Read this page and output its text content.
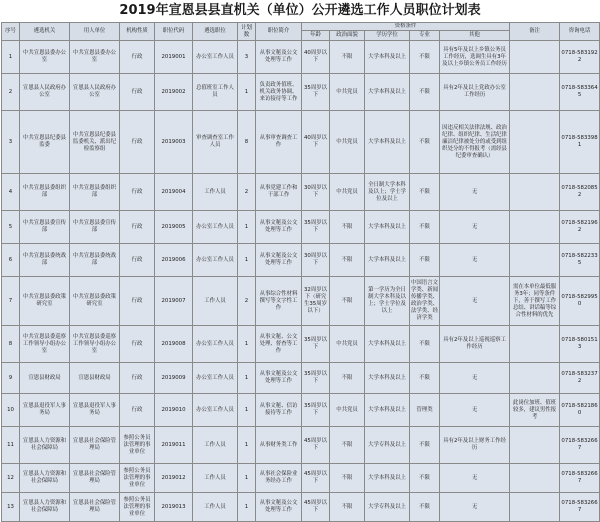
2019年宣恩县县直机关（单位）公开遴选工作人员职位计划表
序号	遴选机关	用人单位	机构性质	职位代码	遴选职位	计划数	职位简介	资格条件					备注	咨询电话
								年龄	政治面貌	学历学位	专业	其他		
1	中共宣恩县委办公室	中共宣恩县委办公室	行政	2019001	办公室工作人员	3	从事文秘及公文处理等工作	40周岁以下	不限	大学本科及以上	不限	具有5年及以上乡镇公务员工作经历，选调生具有3年及以上乡镇公务员工作经历		0718-5831922
2	宣恩县人民政府办公室	宣恩县人民政府办公室	行政	2019002	总值班室工作人员	1	负责政务值班、机关政务协调、来访接待等工作	35周岁以下	中共党员	大学本科及以上	不限	具有2年及以上党政办公室工作经历		0718-5833645
3	中共宣恩县纪委县监委	中共宣恩县纪委县监委机关、派出纪检监察组	行政	2019003	审查调查室工作人员	8	从事审查调查工作	40周岁以下	中共党员	大学本科及以上	不限	因违反相关法律法规、政治纪律、组织纪律、生活纪律廉洁纪律被处分的或受到组织处分的不得报考（需经县纪委审查确认）		0718-5833981
4	中共宣恩县委组织部	中共宣恩县委组织部	行政	2019004	工作人员	2	从事党建工作和干部工作	30周岁以下	中共党员	全日制大学本科及以上；学士学位及以上	不限	无		0718-5820852
5	中共宣恩县委宣传部	中共宣恩县委宣传部	行政	2019005	办公室工作人员	1	从事文秘及公文处理等工作	35周岁以下	不限	大学本科及以上	不限	无		0718-5821962
6	中共宣恩县委统战部	中共宣恩县委统战部	行政	2019006	办公室工作人员	1	从事文秘及公文处理等工作	30周岁以下	不限	大学本科及以上	不限	无		0718-5822335
7	中共宣恩县委政策研究室	中共宣恩县委政策研究室	行政	2019007	工作人员	2	从事综合性材料撰写等文字性工作	32周岁以下（研究生35周岁以下）	不限	第一学历为全日制大学本科及以上；学士学位及以上	中国语言文学类、新闻传播学类、政治学类、法学类、经济学类	无	需在本单位最低服务3年；同等条件下，善于撰写工作总结、讲话稿等综合性材料的优先	0718-5829950
8	中共宣恩县委巡察工作领导小组办公室	中共宣恩县委巡察工作领导小组办公室	行政	2019008	办公室工作人员	1	从事文秘、公文处理、督查等工作	35周岁以下	中共党员	大学本科及以上	不限	具有2年及以上巡视巡察工作经历		0718-5801513
9	宣恩县财政局	宣恩县财政局	行政	2019009	办公室工作人员	1	从事文秘及公文处理等工作	35周岁以下	不限	大学本科及以上	不限	无		0718-5832372
10	宣恩县退役军人事务局	宣恩县退役军人事务局	行政	2019010	办公室工作人员	1	从事文秘、信访接待等工作	35周岁以下	中共党员	大学本科及以上	管理类	无	此岗位加班、值班较多，建议男性报考	0718-5821860
11	宣恩县人力资源和社会保障局	宣恩县社会保险管理局	参照公务员法管理的事业单位	2019011	工作人员	1	从事财务类工作	45周岁以下	不限	大学专科及以上	不限	具有2年及以上财务工作经历		0718-5832667
12	宣恩县人力资源和社会保障局	宣恩县社会保险管理局	参照公务员法管理的事业单位	2019012	工作人员	1	从事社会保险业务经办工作	45周岁以下	不限	大学本科及以上	不限	无		0718-5832667
13	宣恩县人力资源和社会保障局	宣恩县社会保险管理局	参照公务员法管理的事业单位	2019013	工作人员	1	从事文秘及公文处理等工作	45周岁以下	不限	大学专科及以上	不限	无		0718-5832667
